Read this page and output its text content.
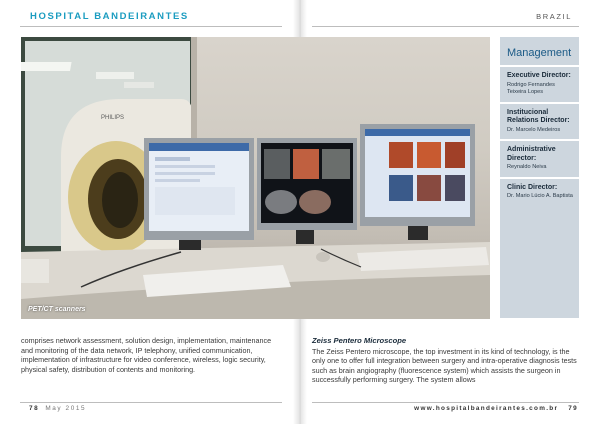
HOSPITAL BANDEIRANTES	BRAZIL
PHILIPS
PET/CT scanners
Management
Executive Director:
Rodrigo Fernandes Teixeira Lopes
Institucional Relations Director:
Dr. Marcelo Medeiros
Administrative Director:
Reynaldo Neiva
Clinic Director:
Dr. Mario Lúcio A. Baptista
comprises network assessment, solution design, implementation, maintenance and monitoring of the data network, IP telephony, unified communication, implementation of infrastructure for video conference, wireless, logic security, physical safety, distribution of contents and monitoring.
Zeiss Pentero Microscope
The Zeiss Pentero microscope, the top investment in its kind of technology, is the only one to offer full integration between surgery and intra-operative diagnosis tests such as brain angiography (fluorescence system) which assists the surgeon in successfully performing surgery. The system allows
78 May 2015	www.hospitalbandeirantes.com.br 79
